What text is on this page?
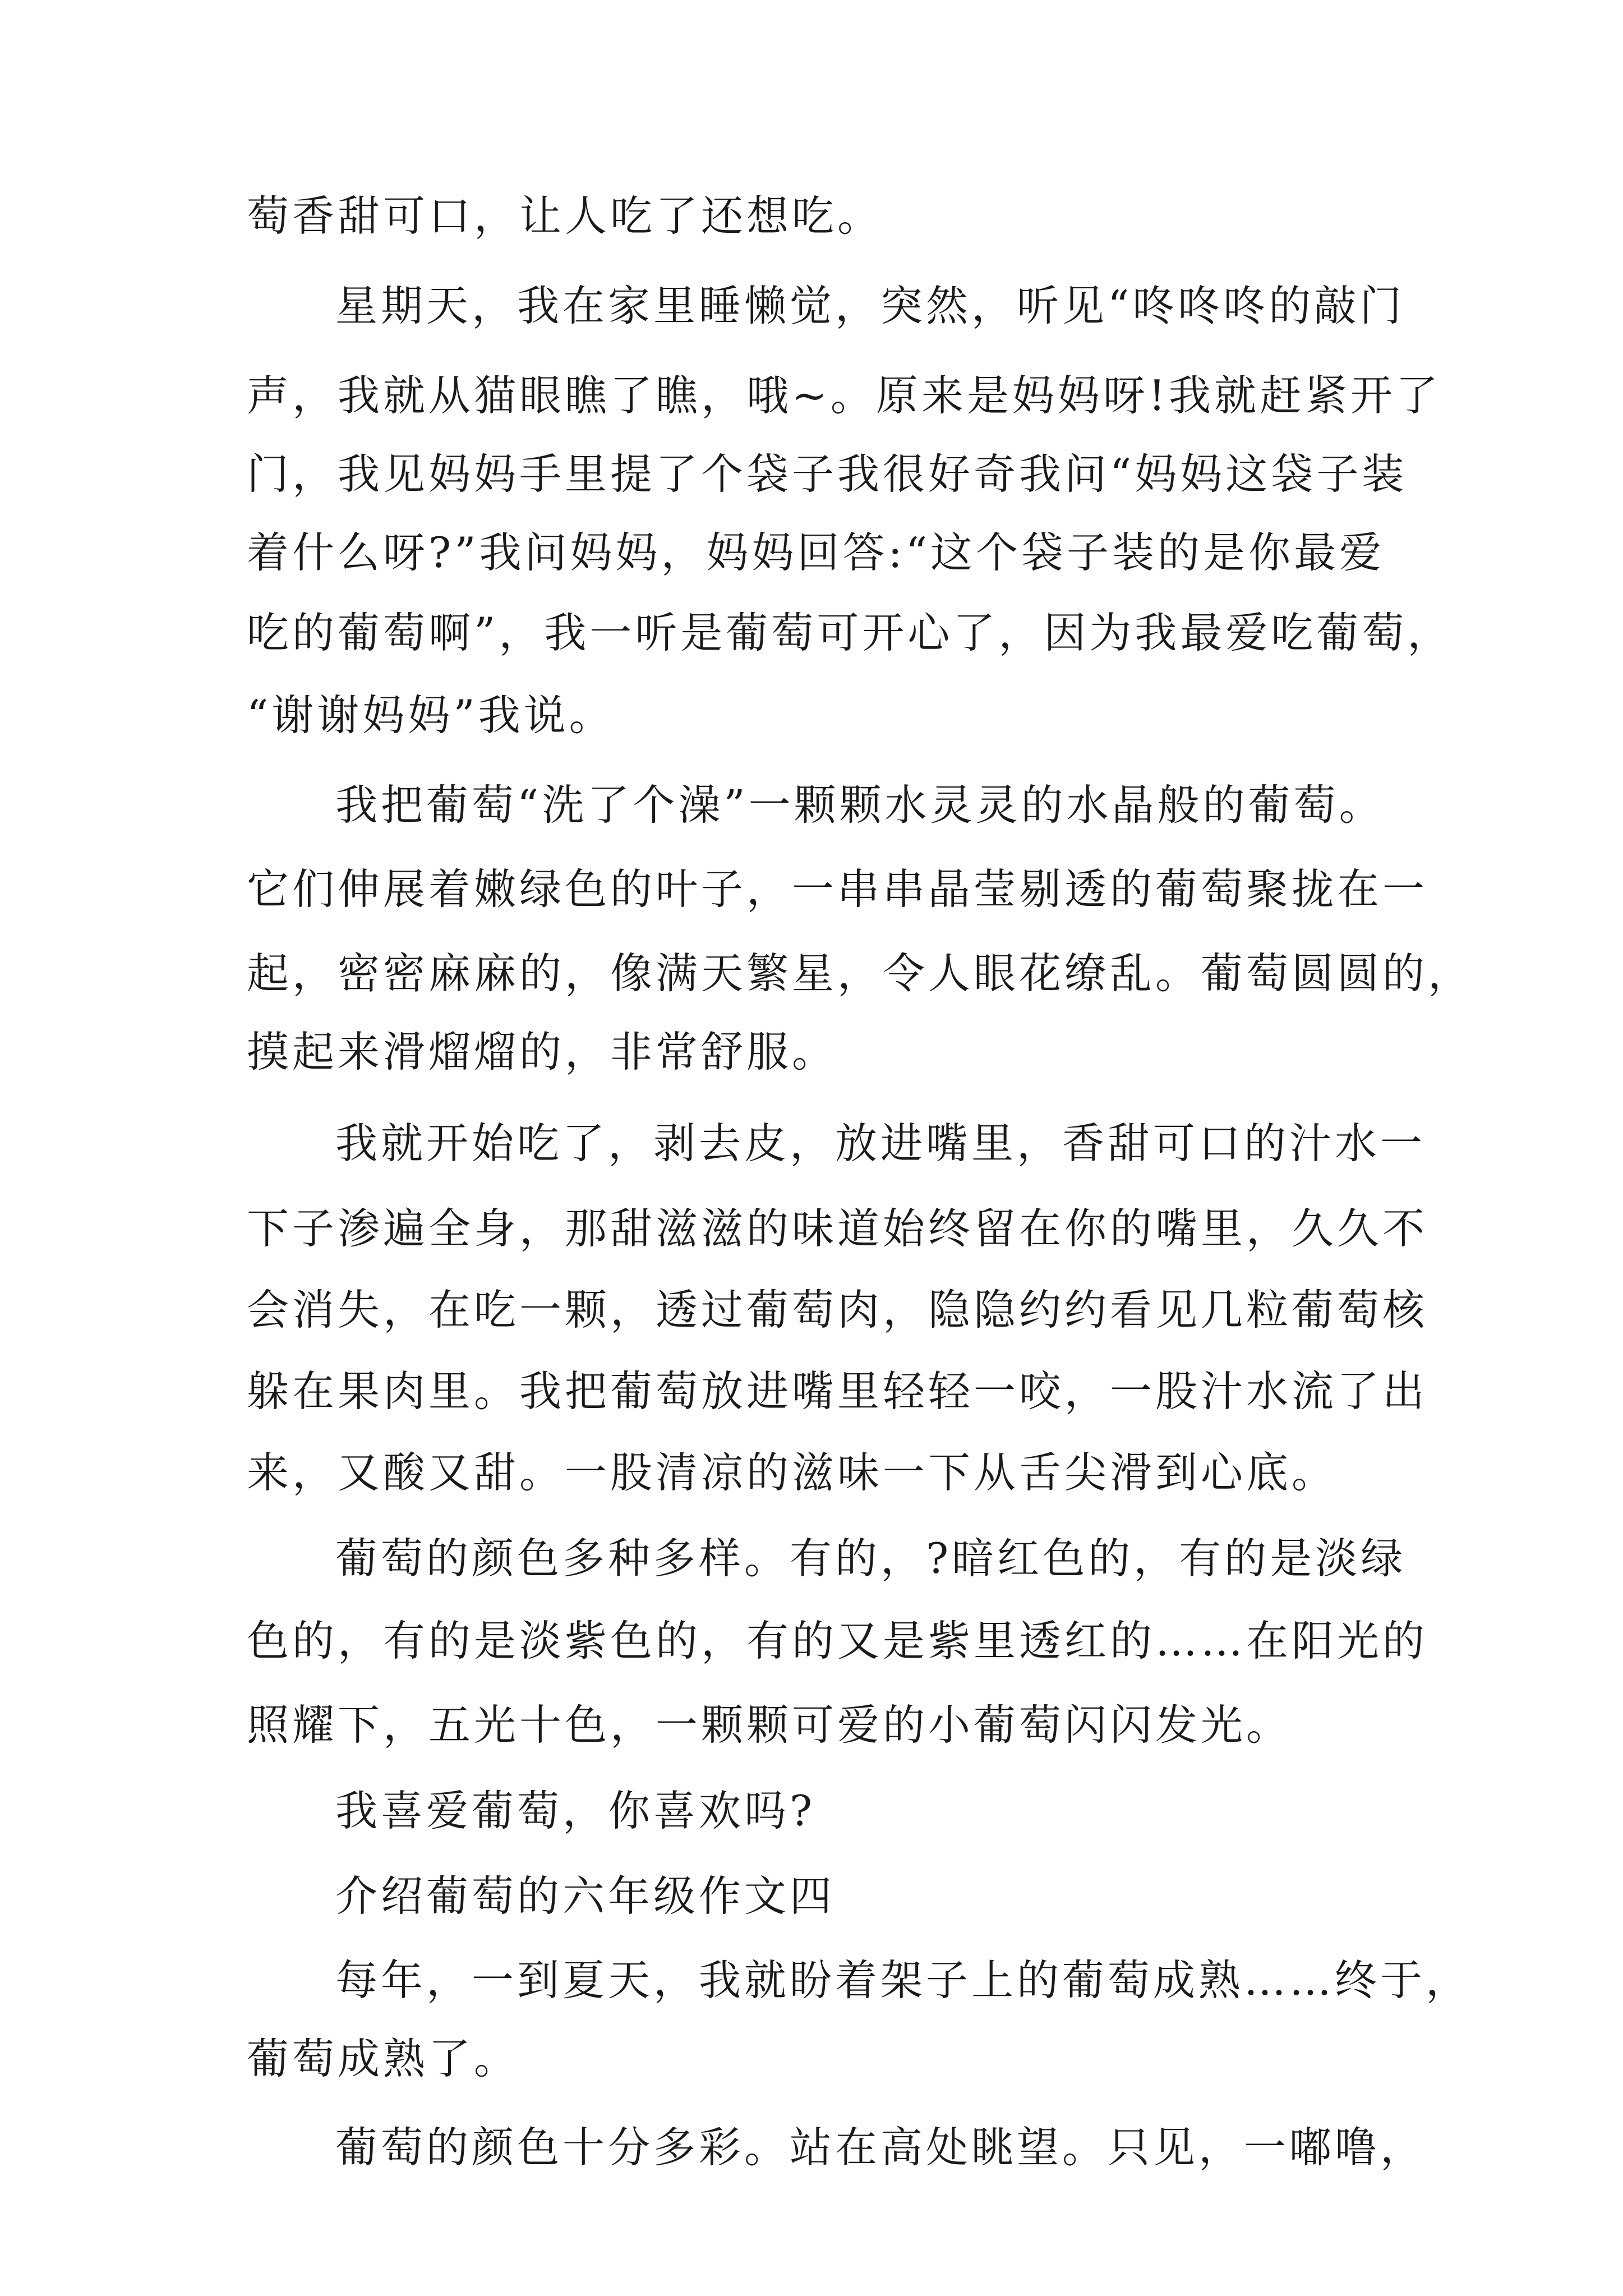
萄香甜可口，让人吃了还想吃。
星期天，我在家里睡懒觉，突然，听见“咚咚咚的敲门
声，我就从猫眼瞧了瞧，哦~。原来是妈妈呀!我就赶紧开了
门，我见妈妈手里提了个袋子我很好奇我问“妈妈这袋子装
着什么呀?”我问妈妈，妈妈回答:“这个袋子装的是你最爱
吃的葡萄啊”，我一听是葡萄可开心了，因为我最爱吃葡萄，
“谢谢妈妈”我说。
我把葡萄“洗了个澡”一颗颗水灵灵的水晶般的葡萄。
它们伸展着嫩绿色的叶子，一串串晶莹剔透的葡萄聚拢在一
起，密密麻麻的，像满天繁星，令人眼花缭乱。葡萄圆圆的，
摸起来滑熘熘的，非常舒服。
我就开始吃了，剥去皮，放进嘴里，香甜可口的汁水一
下子渗遍全身，那甜滋滋的味道始终留在你的嘴里，久久不
会消失，在吃一颗，透过葡萄肉，隐隐约约看见几粒葡萄核
躲在果肉里。我把葡萄放进嘴里轻轻一咬，一股汁水流了出
来，又酸又甜。一股清凉的滋味一下从舌尖滑到心底。
葡萄的颜色多种多样。有的，?暗红色的，有的是淡绿
色的，有的是淡紫色的，有的又是紫里透红的……在阳光的
照耀下，五光十色，一颗颗可爱的小葡萄闪闪发光。
我喜爱葡萄，你喜欢吗?
介绍葡萄的六年级作文四
每年，一到夏天，我就盼着架子上的葡萄成熟……终于，
葡萄成熟了。
葡萄的颜色十分多彩。站在高处眺望。只见，一嘟噜，
